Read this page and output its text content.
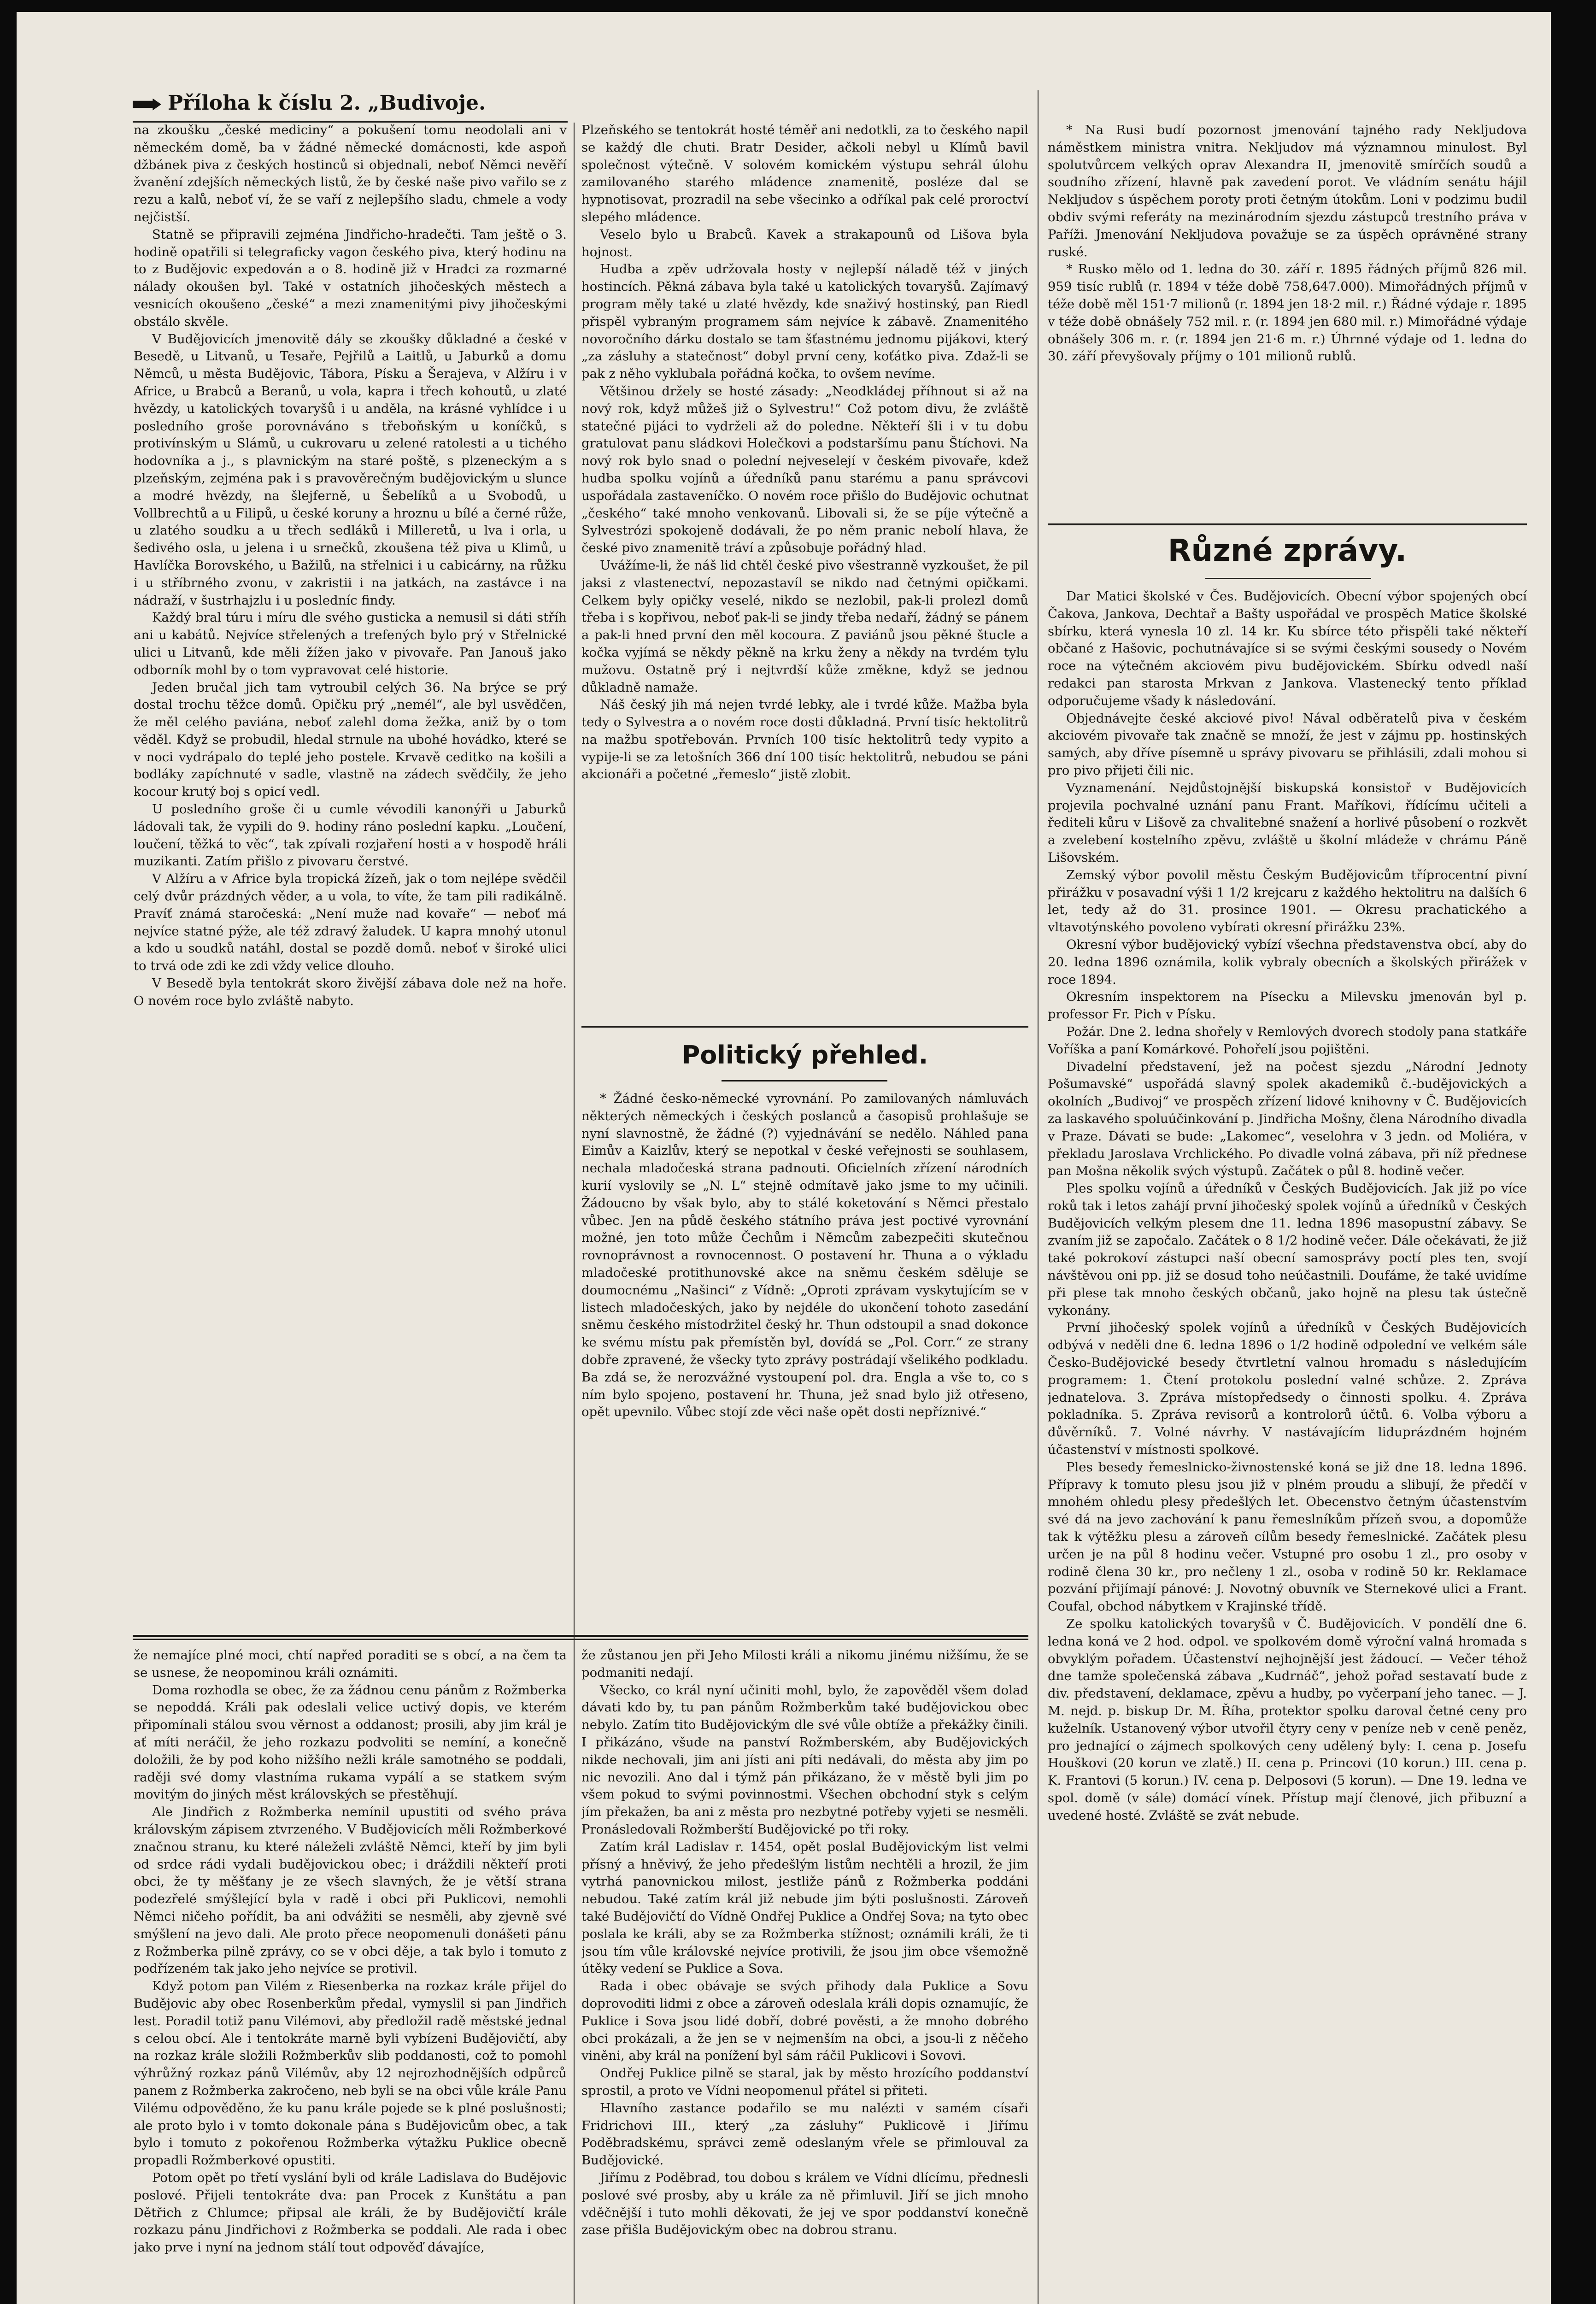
Příloha k číslu 2. „Budivoje.

na zkoušku „české mediciny“ a pokušení tomu neodolali ani v německém domě, ba v žádné německé domácnosti, kde aspoň džbánek piva z českých hostinců si objednali, neboť Němci nevěří žvanění zdejších německých listů, že by české naše pivo vařilo se z rezu a kalů, neboť ví, že se vaří z nejlepšího sladu, chmele a vody nejčistší.

Statně se připravili zejména Jindřicho-hradečti. Tam ještě o 3. hodině opatřili si telegraficky vagon českého piva, který hodinu na to z Budějovic expedován a o 8. hodině již v Hradci za rozmarné nálady okoušen byl. Také v ostatních jihočeských městech a vesnicích okoušeno „české“ a mezi znamenitými pivy jihočeskými obstálo skvěle.

V Budějovicích jmenovitě dály se zkoušky důkladné a české v Besedě, u Litvanů, u Tesaře, Pejřilů a Laitlů, u Jaburků a domu Němců, u města Budějovic, Tábora, Písku a Šerajeva, v Alžíru i v Africe, u Brabců a Beranů, u vola, kapra i třech kohoutů, u zlaté hvězdy, u katolických tovaryšů i u anděla, na krásné vyhlídce i u posledního groše porovnáváno s třeboňským u koníčků, s protivínským u Slámů, u cukrovaru u zelené ratolesti a u tichého hodovníka a j., s plavnickým na staré poště, s plzeneckým a s plzeňským, zejména pak i s pravověrečným budějovickým u slunce a modré hvězdy, na šlejferně, u Šebelíků a u Svobodů, u Vollbrechtů a u Filipů, u české koruny a hroznu u bílé a černé růže, u zlatého soudku a u třech sedláků i Milleretů, u lva i orla, u šedivého osla, u jelena i u srnečků, zkoušena též piva u Klimů, u Havlíčka Borovského, u Bažilů, na střelnici i u cabicárny, na růžku i u stříbrného zvonu, v zakristii i na jatkách, na zastávce i na nádraží, v šustrhajzlu i u posledníc findy.

Každý bral túru i míru dle svého gusticka a nemusil si dáti stříh ani u kabátů. Nejvíce střelených a trefených bylo prý v Střelnické ulici u Litvanů, kde měli žížen jako v pivovaře. Pan Janouš jako odborník mohl by o tom vypravovat celé historie.

Jeden bručal jich tam vytroubil celých 36. Na brýce se prý dostal trochu těžce domů. Opičku prý „nemél“, ale byl usvědčen, že měl celého paviána, neboť zalehl doma žežka, aniž by o tom věděl. Když se probudil, hledal strnule na ubohé hovádko, které se v noci vydrápalo do teplé jeho postele. Krvavě ceditko na košili a bodláky zapíchnuté v sadle, vlastně na zádech svědčily, že jeho kocour krutý boj s opicí vedl.

U posledního groše či u cumle vévodili kanonýři u Jaburků ládovali tak, že vypili do 9. hodiny ráno poslední kapku. „Loučení, loučení, těžká to věc“, tak zpívali rozjaření hosti a v hospodě hráli muzikanti. Zatím přišlo z pivovaru čerstvé.

V Alžíru a v Africe byla tropická žízeň, jak o tom nejlépe svědčil celý dvůr prázdných věder, a u vola, to víte, že tam pili radikálně. Pravíť známá staročeská: „Není muže nad kovaře“ — neboť má nejvíce statné pýže, ale též zdravý žaludek. U kapra mnohý utonul a kdo u soudků natáhl, dostal se pozdě domů. neboť v široké ulici to trvá ode zdi ke zdi vždy velice dlouho.

V Besedě byla tentokrát skoro živější zábava dole než na hoře. O novém roce bylo zvláště nabyto.

Plzeňského se tentokrát hosté téměř ani nedotkli, za to českého napil se každý dle chuti. Bratr Desider, ačkoli nebyl u Klímů bavil společnost výtečně. V solovém komickém výstupu sehrál úlohu zamilovaného starého mládence znamenitě, posléze dal se hypnotisovat, prozradil na sebe všecinko a odříkal pak celé proroctví slepého mládence.

Veselo bylo u Brabců. Kavek a strakapounů od Lišova byla hojnost.

Hudba a zpěv udržovala hosty v nejlepší náladě též v jiných hostincích. Pěkná zábava byla také u katolických tovaryšů. Zajímavý program měly také u zlaté hvězdy, kde snaživý hostinský, pan Riedl přispěl vybraným programem sám nejvíce k zábavě. Znamenitého novoročního dárku dostalo se tam šťastnému jednomu pijákovi, který „za zásluhy a statečnost“ dobyl první ceny, koťátko piva. Zdaž-li se pak z něho vyklubala pořádná kočka, to ovšem nevíme.

Většinou držely se hosté zásady: „Neodkládej příhnout si až na nový rok, když můžeš již o Sylvestru!“ Což potom divu, že zvláště statečné pijáci to vydrželi až do poledne. Někteří šli i v tu dobu gratulovat panu sládkovi Holečkovi a podstaršímu panu Štíchovi. Na nový rok bylo snad o polední nejveselejí v českém pivovaře, kdež hudba spolku vojínů a úředníků panu starému a panu správcovi uspořádala zastaveníčko. O novém roce přišlo do Budějovic ochutnat „českého“ také mnoho venkovanů. Libovali si, že se píje výtečně a Sylvestrózi spokojeně dodávali, že po něm pranic nebolí hlava, že české pivo znamenitě tráví a způsobuje pořádný hlad.

Uvážíme-li, že náš lid chtěl české pivo všestranně vyzkoušet, že pil jaksi z vlastenectví, nepozastavíl se nikdo nad četnými opičkami. Celkem byly opičky veselé, nikdo se nezlobil, pak-li prolezl domů třeba i s kopřivou, neboť pak-li se jindy třeba nedaří, žádný se pánem a pak-li hned první den měl kocoura. Z paviánů jsou pěkné štucle a kočka vyjímá se někdy pěkně na krku ženy a někdy na tvrdém tylu mužovu. Ostatně prý i nejtvrdší kůže změkne, když se jednou důkladně namaže.

Náš český jih má nejen tvrdé lebky, ale i tvrdé kůže. Mažba byla tedy o Sylvestra a o novém roce dosti důkladná. První tisíc hektolitrů na mažbu spotřebován. Prvních 100 tisíc hektolitrů tedy vypito a vypije-li se za letošních 366 dní 100 tisíc hektolitrů, nebudou se páni akcionáři a početné „řemeslo“ jistě zlobit.

Politický přehled.

* Žádné česko-německé vyrovnání. Po zamilovaných námluvách některých německých i českých poslanců a časopisů prohlašuje se nyní slavnostně, že žádné (?) vyjednávání se nedělo. Náhled pana Eimův a Kaizlův, který se nepotkal v české veřejnosti se souhlasem, nechala mladočeská strana padnouti. Oficielních zřízení národních kurií vyslovily se „N. L“ stejně odmítavě jako jsme to my učinili. Žádoucno by však bylo, aby to stálé koketování s Němci přestalo vůbec. Jen na půdě českého státního práva jest poctivé vyrovnání možné, jen toto může Čechům i Němcům zabezpečiti skutečnou rovnoprávnost a rovnocennost. O postavení hr. Thuna a o výkladu mladočeské protithunovské akce na sněmu českém sděluje se doumocnému „Našinci“ z Vídně: „Oproti zprávam vyskytujícím se v listech mladočeských, jako by nejdéle do ukončení tohoto zasedání sněmu českého místodržitel český hr. Thun odstoupil a snad dokonce ke svému místu pak přemístěn byl, dovídá se „Pol. Corr.“ ze strany dobře zpravené, že všecky tyto zprávy postrádají všelikého podkladu. Ba zdá se, že nerozvážné vystoupení pol. dra. Engla a vše to, co s ním bylo spojeno, postavení hr. Thuna, jež snad bylo již otřeseno, opět upevnilo. Vůbec stojí zde věci naše opět dosti nepříznivé.“

* Na Rusi budí pozornost jmenování tajného rady Nekljudova náměstkem ministra vnitra. Nekljudov má významnou minulost. Byl spolutvůrcem velkých oprav Alexandra II, jmenovitě smírčích soudů a soudního zřízení, hlavně pak zavedení porot. Ve vládním senátu hájil Nekljudov s úspěchem poroty proti četným útokům. Loni v podzimu budil obdiv svými referáty na mezinárodním sjezdu zástupců trestního práva v Paříži. Jmenování Nekljudova považuje se za úspěch oprávněné strany ruské.

* Rusko mělo od 1. ledna do 30. září r. 1895 řádných příjmů 826 mil. 959 tisíc rublů (r. 1894 v téže době 758,647.000). Mimořádných příjmů v téže době měl 151·7 milionů (r. 1894 jen 18·2 mil. r.) Řádné výdaje r. 1895 v téže době obnášely 752 mil. r. (r. 1894 jen 680 mil. r.) Mimořádné výdaje obnášely 306 m. r. (r. 1894 jen 21·6 m. r.) Úhrnné výdaje od 1. ledna do 30. září převyšovaly příjmy o 101 milionů rublů.

Různé zprávy.

Dar Matici školské v Čes. Budějovicích. Obecní výbor spojených obcí Čakova, Jankova, Dechtař a Bašty uspořádal ve prospěch Matice školské sbírku, která vynesla 10 zl. 14 kr. Ku sbírce této přispěli také někteří občané z Hašovic, pochutnávajíce si se svými českými sousedy o Novém roce na výtečném akciovém pivu budějovickém. Sbírku odvedl naší redakci pan starosta Mrkvan z Jankova. Vlastenecký tento příklad odporučujeme všady k následování.

Objednávejte české akciové pivo! Nával odběratelů piva v českém akciovém pivovaře tak značně se množí, že jest v zájmu pp. hostinských samých, aby dříve písemně u správy pivovaru se přihlásili, zdali mohou si pro pivo přijeti čili nic.

Vyznamenání. Nejdůstojnější biskupská konsistoř v Budějovicích projevila pochvalné uznání panu Frant. Maříkovi, řídícímu učiteli a řediteli kůru v Lišově za chvalitebné snažení a horlivé působení o rozkvět a zvelebení kostelního zpěvu, zvláště u školní mládeže v chrámu Páně Lišovském.

Zemský výbor povolil městu Českým Budějovicům tříprocentní pivní přirážku v posavadní výši 1 1/2 krejcaru z každého hektolitru na dalších 6 let, tedy až do 31. prosince 1901. — Okresu prachatického a vltavotýnského povoleno vybírati okresní přirážku 23%.

Okresní výbor budějovický vybízí všechna představenstva obcí, aby do 20. ledna 1896 oznámila, kolik vybraly obecních a školských přirážek v roce 1894.

Okresním inspektorem na Písecku a Milevsku jmenován byl p. professor Fr. Pich v Písku.

Požár. Dne 2. ledna shořely v Remlových dvorech stodoly pana statkáře Voříška a paní Komárkové. Pohořelí jsou pojištěni.

Divadelní představení, jež na počest sjezdu „Národní Jednoty Pošumavské“ uspořádá slavný spolek akademiků č.-budějovických a okolních „Budivoj“ ve prospěch zřízení lidové knihovny v Č. Budějovicích za laskavého spoluúčinkování p. Jindřicha Mošny, člena Národního divadla v Praze. Dávati se bude: „Lakomec“, veselohra v 3 jedn. od Moliéra, v překladu Jaroslava Vrchlického. Po divadle volná zábava, při níž přednese pan Mošna několik svých výstupů. Začátek o půl 8. hodině večer.

Ples spolku vojínů a úředníků v Českých Budějovicích. Jak již po více roků tak i letos zahájí první jihočeský spolek vojínů a úředníků v Českých Budějovicích velkým plesem dne 11. ledna 1896 masopustní zábavy. Se zvaním již se započalo. Začátek o 8 1/2 hodině večer. Dále očekávati, že již také pokrokoví zástupci naší obecní samosprávy poctí ples ten, svojí návštěvou oni pp. již se dosud toho neúčastnili. Doufáme, že také uvidíme při plese tak mnoho českých občanů, jako hojně na plesu tak ústečně vykonány.

První jihočeský spolek vojínů a úředníků v Českých Budějovicích odbývá v neděli dne 6. ledna 1896 o 1/2 hodině odpolední ve velkém sále Česko-Budějovické besedy čtvrtletní valnou hromadu s následujícím programem: 1. Čtení protokolu poslední valné schůze. 2. Zpráva jednatelova. 3. Zpráva místopředsedy o činnosti spolku. 4. Zpráva pokladníka. 5. Zpráva revisorů a kontrolorů účtů. 6. Volba výboru a důvěrníků. 7. Volné návrhy. V nastávajícím liduprázdném hojném účastenství v místnosti spolkové.

Ples besedy řemeslnicko-živnostenské koná se již dne 18. ledna 1896. Přípravy k tomuto plesu jsou již v plném proudu a slibují, že předčí v mnohém ohledu plesy předešlých let. Obecenstvo četným účastenstvím své dá na jevo zachování k panu řemeslníkům přízeň svou, a dopomůže tak k výtěžku plesu a zároveň cílům besedy řemeslnické. Začátek plesu určen je na půl 8 hodinu večer. Vstupné pro osobu 1 zl., pro osoby v rodině člena 30 kr., pro nečleny 1 zl., osoba v rodině 50 kr. Reklamace pozvání přijímají pánové: J. Novotný obuvník ve Sternekové ulici a Frant. Coufal, obchod nábytkem v Krajinské třídě.

Ze spolku katolických tovaryšů v Č. Budějovicích. V pondělí dne 6. ledna koná ve 2 hod. odpol. ve spolkovém domě výroční valná hromada s obvyklým pořadem. Účastenství nejhojnější jest žádoucí. — Večer téhož dne tamže společenská zábava „Kudrnáč“, jehož pořad sestavatí bude z div. představení, deklamace, zpěvu a hudby, po vyčerpaní jeho tanec. — J. M. nejd. p. biskup Dr. M. Říha, protektor spolku daroval četné ceny pro kuželník. Ustanovený výbor utvořil čtyry ceny v peníze neb v ceně peněz, pro jednající o zájmech spolkových ceny udělený byly: I. cena p. Josefu Houškovi (20 korun ve zlatě.) II. cena p. Princovi (10 korun.) III. cena p. K. Frantovi (5 korun.) IV. cena p. Delposovi (5 korun). — Dne 19. ledna ve spol. domě (v sále) domácí vínek. Přístup mají členové, jich přibuzní a uvedené hosté. Zvláště se zvát nebude.

že nemajíce plné moci, chtí napřed poraditi se s obcí, a na čem ta se usnese, že neopominou králi oznámiti.

Doma rozhodla se obec, že za žádnou cenu pánům z Rožmberka se nepoddá. Králi pak odeslali velice uctivý dopis, ve kterém připomínali stálou svou věrnost a oddanost; prosili, aby jim král je ať míti neráčil, že jeho rozkazu podvoliti se nemíní, a konečně doložili, že by pod koho nižšího nežli krále samotného se poddali, raději své domy vlastníma rukama vypálí a se statkem svým movitým do jiných měst královských se přestěhují.

Ale Jindřich z Rožmberka nemínil upustiti od svého práva královským zápisem ztvrzeného. V Budějovicích měli Rožmberkové značnou stranu, ku které náleželi zvláště Němci, kteří by jim byli od srdce rádi vydali budějovickou obec; i dráždili někteří proti obci, že ty měšťany je ze všech slavných, že je větší strana podezřelé smýšlející byla v radě i obci při Puklicovi, nemohli Němci ničeho pořídit, ba ani odvážiti se nesměli, aby zjevně své smýšlení na jevo dali. Ale proto přece neopomenuli donášeti pánu z Rožmberka pilně zprávy, co se v obci děje, a tak bylo i tomuto z podřízeném tak jako jeho nejvíce se protivil.

Když potom pan Vilém z Riesenberka na rozkaz krále přijel do Budějovic aby obec Rosenberkům předal, vymyslil si pan Jindřich lest. Poradil totiž panu Vilémovi, aby předložil radě městské jednal s celou obcí. Ale i tentokráte marně byli vybízeni Budějovičtí, aby na rozkaz krále složili Rožmberkův slib poddanosti, což to pomohl výhrůžný rozkaz pánů Vilémův, aby 12 nejrozhodnějších odpůrců panem z Rožmberka zakročeno, neb byli se na obci vůle krále Panu Vilému odpověděno, že ku panu krále pojede se k plné poslušnosti; ale proto bylo i v tomto dokonale pána s Budějovicům obec, a tak bylo i tomuto z pokořenou Rožmberka výtažku Puklice obecně propadli Rožmberkové opustiti.

Potom opět po třetí vyslání byli od krále Ladislava do Budějovic poslové. Přijeli tentokráte dva: pan Procek z Kunštátu a pan Dětřich z Chlumce; připsal ale králi, že by Budějovičtí krále rozkazu pánu Jindřichovi z Rožmberka se poddali. Ale rada i obec jako prve i nyní na jednom stálí tout odpověď dávajíce,

že zůstanou jen při Jeho Milosti králi a nikomu jinému nižšímu, že se podmaniti nedají.

Všecko, co král nyní učiniti mohl, bylo, že zapověděl všem dolad dávati kdo by, tu pan pánům Rožmberkům také budějovickou obec nebylo. Zatím tito Budějovickým dle své vůle obtíže a překážky činili. I přikázáno, všude na panství Rožmberském, aby Budějovických nikde nechovali, jim ani jísti ani píti nedávali, do města aby jim po nic nevozili. Ano dal i týmž pán přikázano, že v městě byli jim po všem pokud to svými povinnostmi. Všechen obchodní styk s celým jím překažen, ba ani z města pro nezbytné potřeby vyjeti se nesměli. Pronásledovali Rožmberští Budějovické po tři roky.

Zatím král Ladislav r. 1454, opět poslal Budějovickým list velmi přísný a hněvivý, že jeho předešlým listům nechtěli a hrozil, že jim vytrhá panovnickou milost, jestliže pánů z Rožmberka poddáni nebudou. Také zatím král již nebude jim býti poslušnosti. Zároveň také Budějovičtí do Vídně Ondřej Puklice a Ondřej Sova; na tyto obec poslala ke králi, aby se za Rožmberka stížnost; oznámili králi, že ti jsou tím vůle královské nejvíce protivili, že jsou jim obce všemožně útěky vedení se Puklice a Sova.

Rada i obec obávaje se svých přihody dala Puklice a Sovu doprovoditi lidmi z obce a zároveň odeslala králi dopis oznamujíc, že Puklice i Sova jsou lidé dobří, dobré pověsti, a že mnoho dobrého obci prokázali, a že jen se v nejmenším na obci, a jsou-li z něčeho viněni, aby král na ponížení byl sám ráčil Puklicovi i Sovovi.

Ondřej Puklice pilně se staral, jak by město hrozícího poddanství sprostil, a proto ve Vídni neopomenul přátel si přiteti.

Hlavního zastance podařilo se mu nalézti v samém císaři Fridrichovi III., který „za zásluhy“ Puklicově i Jiřímu Poděbradskému, správci země odeslaným vřele se přimlouval za Budějovické.

Jiřímu z Poděbrad, tou dobou s králem ve Vídni dlícímu, přednesli poslové své prosby, aby u krále za ně přimluvil. Jiří se jich mnoho vděčnější i tuto mohli děkovati, že jej ve spor poddanství konečně zase přišla Budějovickým obec na dobrou stranu.
